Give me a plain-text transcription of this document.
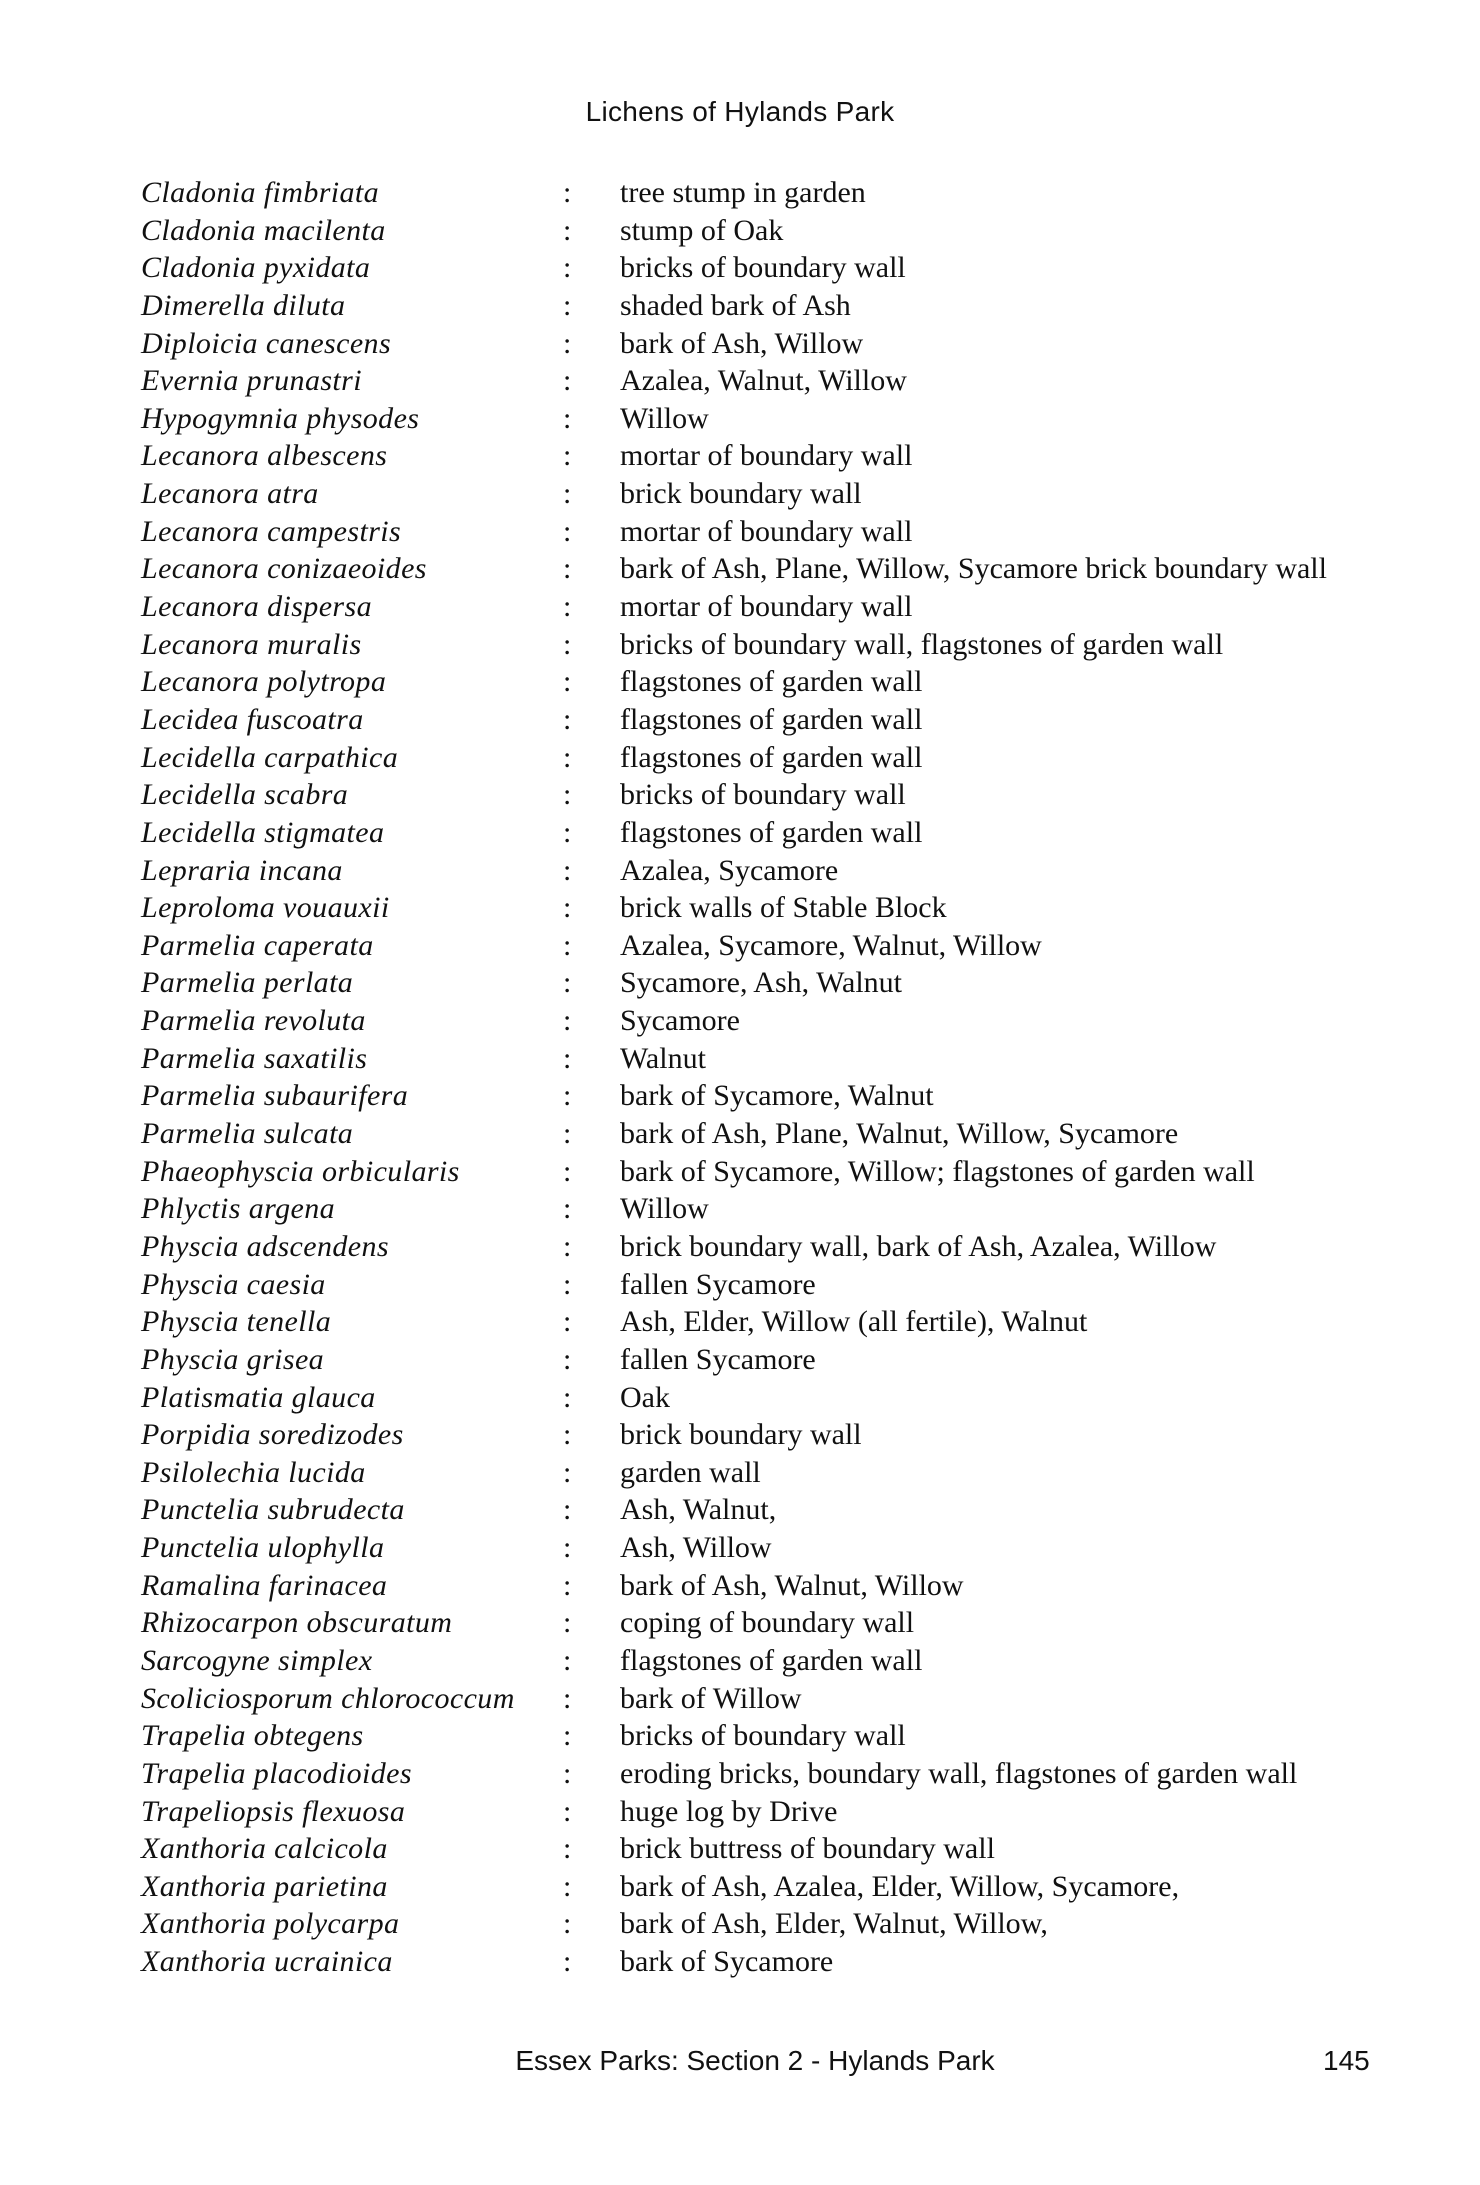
Lichens of Hylands Park
Cladonia fimbriata	: tree stump in garden
Cladonia macilenta	: stump of Oak
Cladonia pyxidata	: bricks of boundary wall
Dimerella diluta	: shaded bark of Ash
Diploicia canescens	: bark of Ash, Willow
Evernia prunastri	: Azalea, Walnut, Willow
Hypogymnia physodes	: Willow
Lecanora albescens	: mortar of boundary wall
Lecanora atra	: brick boundary wall
Lecanora campestris	: mortar of boundary wall
Lecanora conizaeoides	: bark of Ash, Plane, Willow, Sycamore brick boundary wall
Lecanora dispersa	: mortar of boundary wall
Lecanora muralis	: bricks of boundary wall, flagstones of garden wall
Lecanora polytropa	: flagstones of garden wall
Lecidea fuscoatra	: flagstones of garden wall
Lecidella carpathica	: flagstones of garden wall
Lecidella scabra	: bricks of boundary wall
Lecidella stigmatea	: flagstones of garden wall
Lepraria incana	: Azalea, Sycamore
Leproloma vouauxii	: brick walls of Stable Block
Parmelia caperata	: Azalea, Sycamore, Walnut, Willow
Parmelia perlata	: Sycamore, Ash, Walnut
Parmelia revoluta	: Sycamore
Parmelia saxatilis	: Walnut
Parmelia subaurifera	: bark of Sycamore, Walnut
Parmelia sulcata	: bark of Ash, Plane, Walnut, Willow, Sycamore
Phaeophyscia orbicularis	: bark of Sycamore, Willow; flagstones of garden wall
Phlyctis argena	: Willow
Physcia adscendens	: brick boundary wall, bark of Ash, Azalea, Willow
Physcia caesia	: fallen Sycamore
Physcia tenella	: Ash, Elder, Willow (all fertile), Walnut
Physcia grisea	: fallen Sycamore
Platismatia glauca	: Oak
Porpidia soredizodes	: brick boundary wall
Psilolechia lucida	: garden wall
Punctelia subrudecta	: Ash, Walnut,
Punctelia ulophylla	: Ash, Willow
Ramalina farinacea	: bark of Ash, Walnut, Willow
Rhizocarpon obscuratum	: coping of boundary wall
Sarcogyne simplex	: flagstones of garden wall
Scoliciosporum chlorococcum : bark of Willow
Trapelia obtegens	: bricks of boundary wall
Trapelia placodioides	: eroding bricks, boundary wall, flagstones of garden wall
Trapeliopsis flexuosa	: huge log by Drive
Xanthoria calcicola	: brick buttress of boundary wall
Xanthoria parietina	: bark of Ash, Azalea, Elder, Willow, Sycamore,
Xanthoria polycarpa	: bark of Ash, Elder, Walnut, Willow,
Xanthoria ucrainica	: bark of Sycamore
Essex Parks: Section 2 - Hylands Park	145
